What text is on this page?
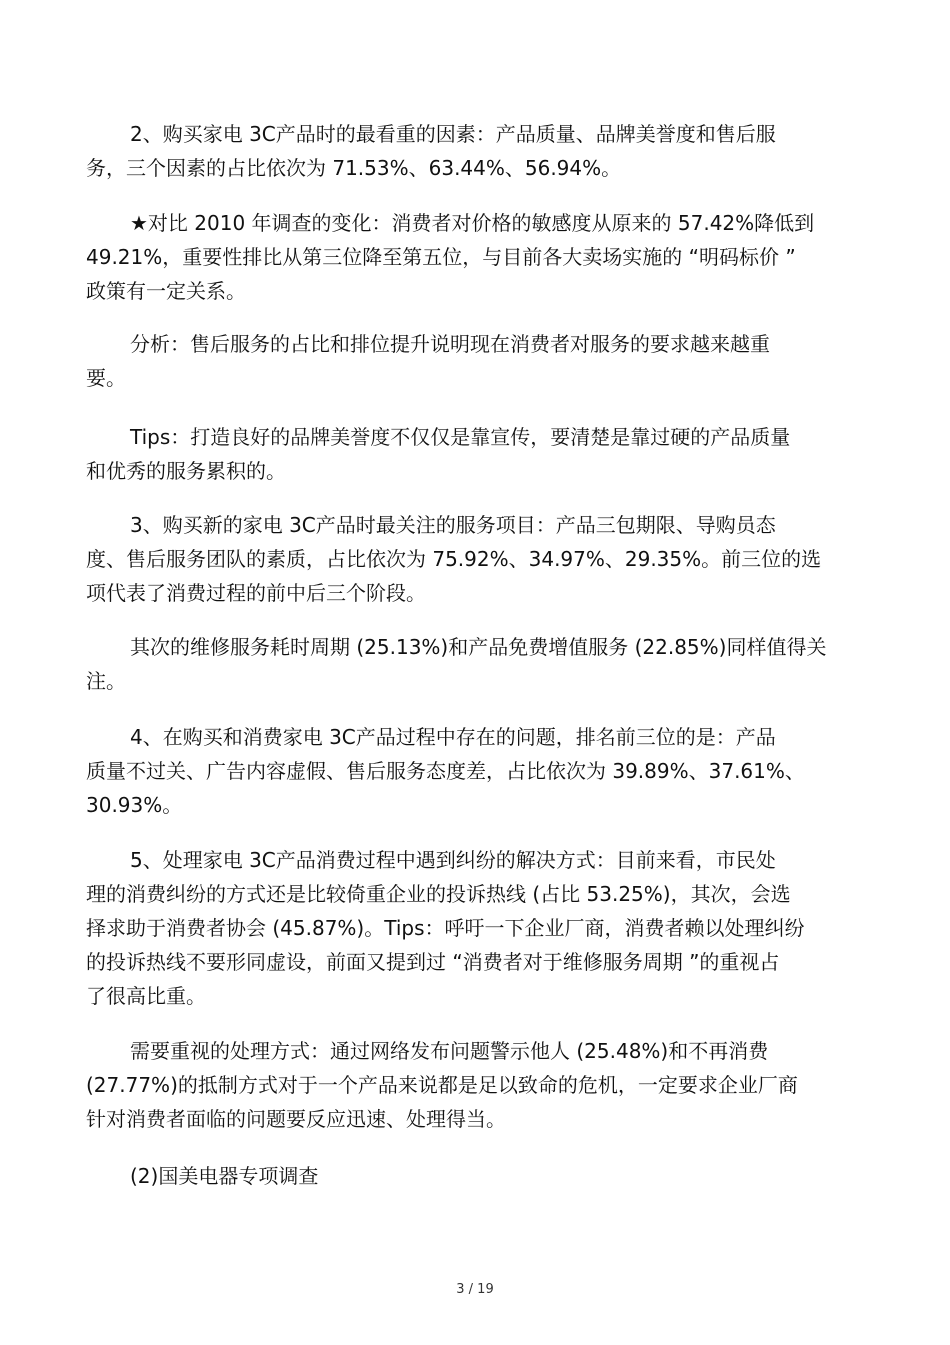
2、购买家电 3C产品时的最看重的因素：产品质量、品牌美誉度和售后服
务，三个因素的占比依次为 71.53%、63.44%、56.94%。
★对比 2010 年调查的变化：消费者对价格的敏感度从原来的 57.42%降低到
49.21%，重要性排比从第三位降至第五位，与目前各大卖场实施的 “明码标价 ”
政策有一定关系。
分析：售后服务的占比和排位提升说明现在消费者对服务的要求越来越重
要。
Tips：打造良好的品牌美誉度不仅仅是靠宣传，要清楚是靠过硬的产品质量
和优秀的服务累积的。
3、购买新的家电 3C产品时最关注的服务项目：产品三包期限、导购员态
度、售后服务团队的素质，占比依次为 75.92%、34.97%、29.35%。前三位的选
项代表了消费过程的前中后三个阶段。
其次的维修服务耗时周期 (25.13%)和产品免费增值服务 (22.85%)同样值得关
注。
4、在购买和消费家电 3C产品过程中存在的问题，排名前三位的是：产品
质量不过关、广告内容虚假、售后服务态度差，占比依次为 39.89%、37.61%、
30.93%。
5、处理家电 3C产品消费过程中遇到纠纷的解决方式：目前来看，市民处
理的消费纠纷的方式还是比较倚重企业的投诉热线 (占比 53.25%)，其次，会选
择求助于消费者协会 (45.87%)。Tips：呼吁一下企业厂商，消费者赖以处理纠纷
的投诉热线不要形同虚设，前面又提到过 “消费者对于维修服务周期 ”的重视占
了很高比重。
需要重视的处理方式：通过网络发布问题警示他人 (25.48%)和不再消费
(27.77%)的抵制方式对于一个产品来说都是足以致命的危机，一定要求企业厂商
针对消费者面临的问题要反应迅速、处理得当。
(2)国美电器专项调查
3 / 19
